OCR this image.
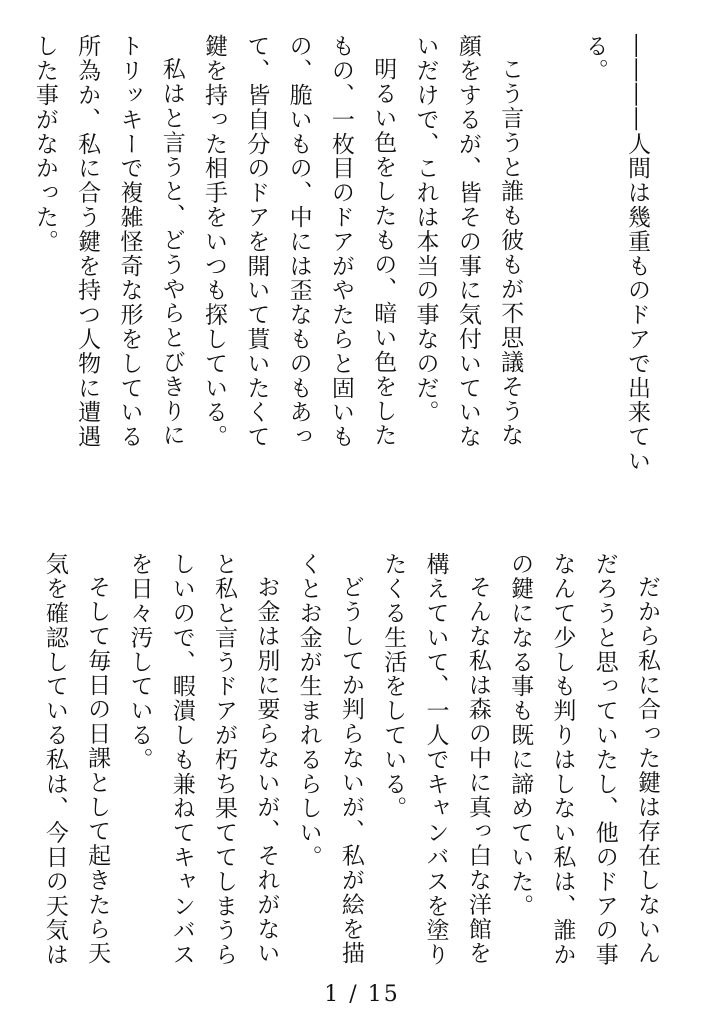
――――人間は幾重ものドアで出来てい
る。
こう言うと誰も彼もが不思議そうな
顔をするが、皆その事に気付いていな
いだけで、これは本当の事なのだ。
明るい色をしたもの、暗い色をした
もの、一枚目のドアがやたらと固いも
の、脆いもの、中には歪なものもあっ
て、皆自分のドアを開いて貰いたくて
鍵を持った相手をいつも探している。
私はと言うと、どうやらとびきりに
トリッキーで複雑怪奇な形をしている
所為か、私に合う鍵を持つ人物に遭遇
した事がなかった。
だから私に合った鍵は存在しないん
だろうと思っていたし、他のドアの事
なんて少しも判りはしない私は、誰か
の鍵になる事も既に諦めていた。
そんな私は森の中に真っ白な洋館を
構えていて、一人でキャンバスを塗り
たくる生活をしている。
どうしてか判らないが、私が絵を描
くとお金が生まれるらしい。
お金は別に要らないが、それがない
と私と言うドアが朽ち果ててしまうら
しいので、暇潰しも兼ねてキャンバス
を日々汚している。
そして毎日の日課として起きたら天
気を確認している私は、今日の天気は
1 / 15
